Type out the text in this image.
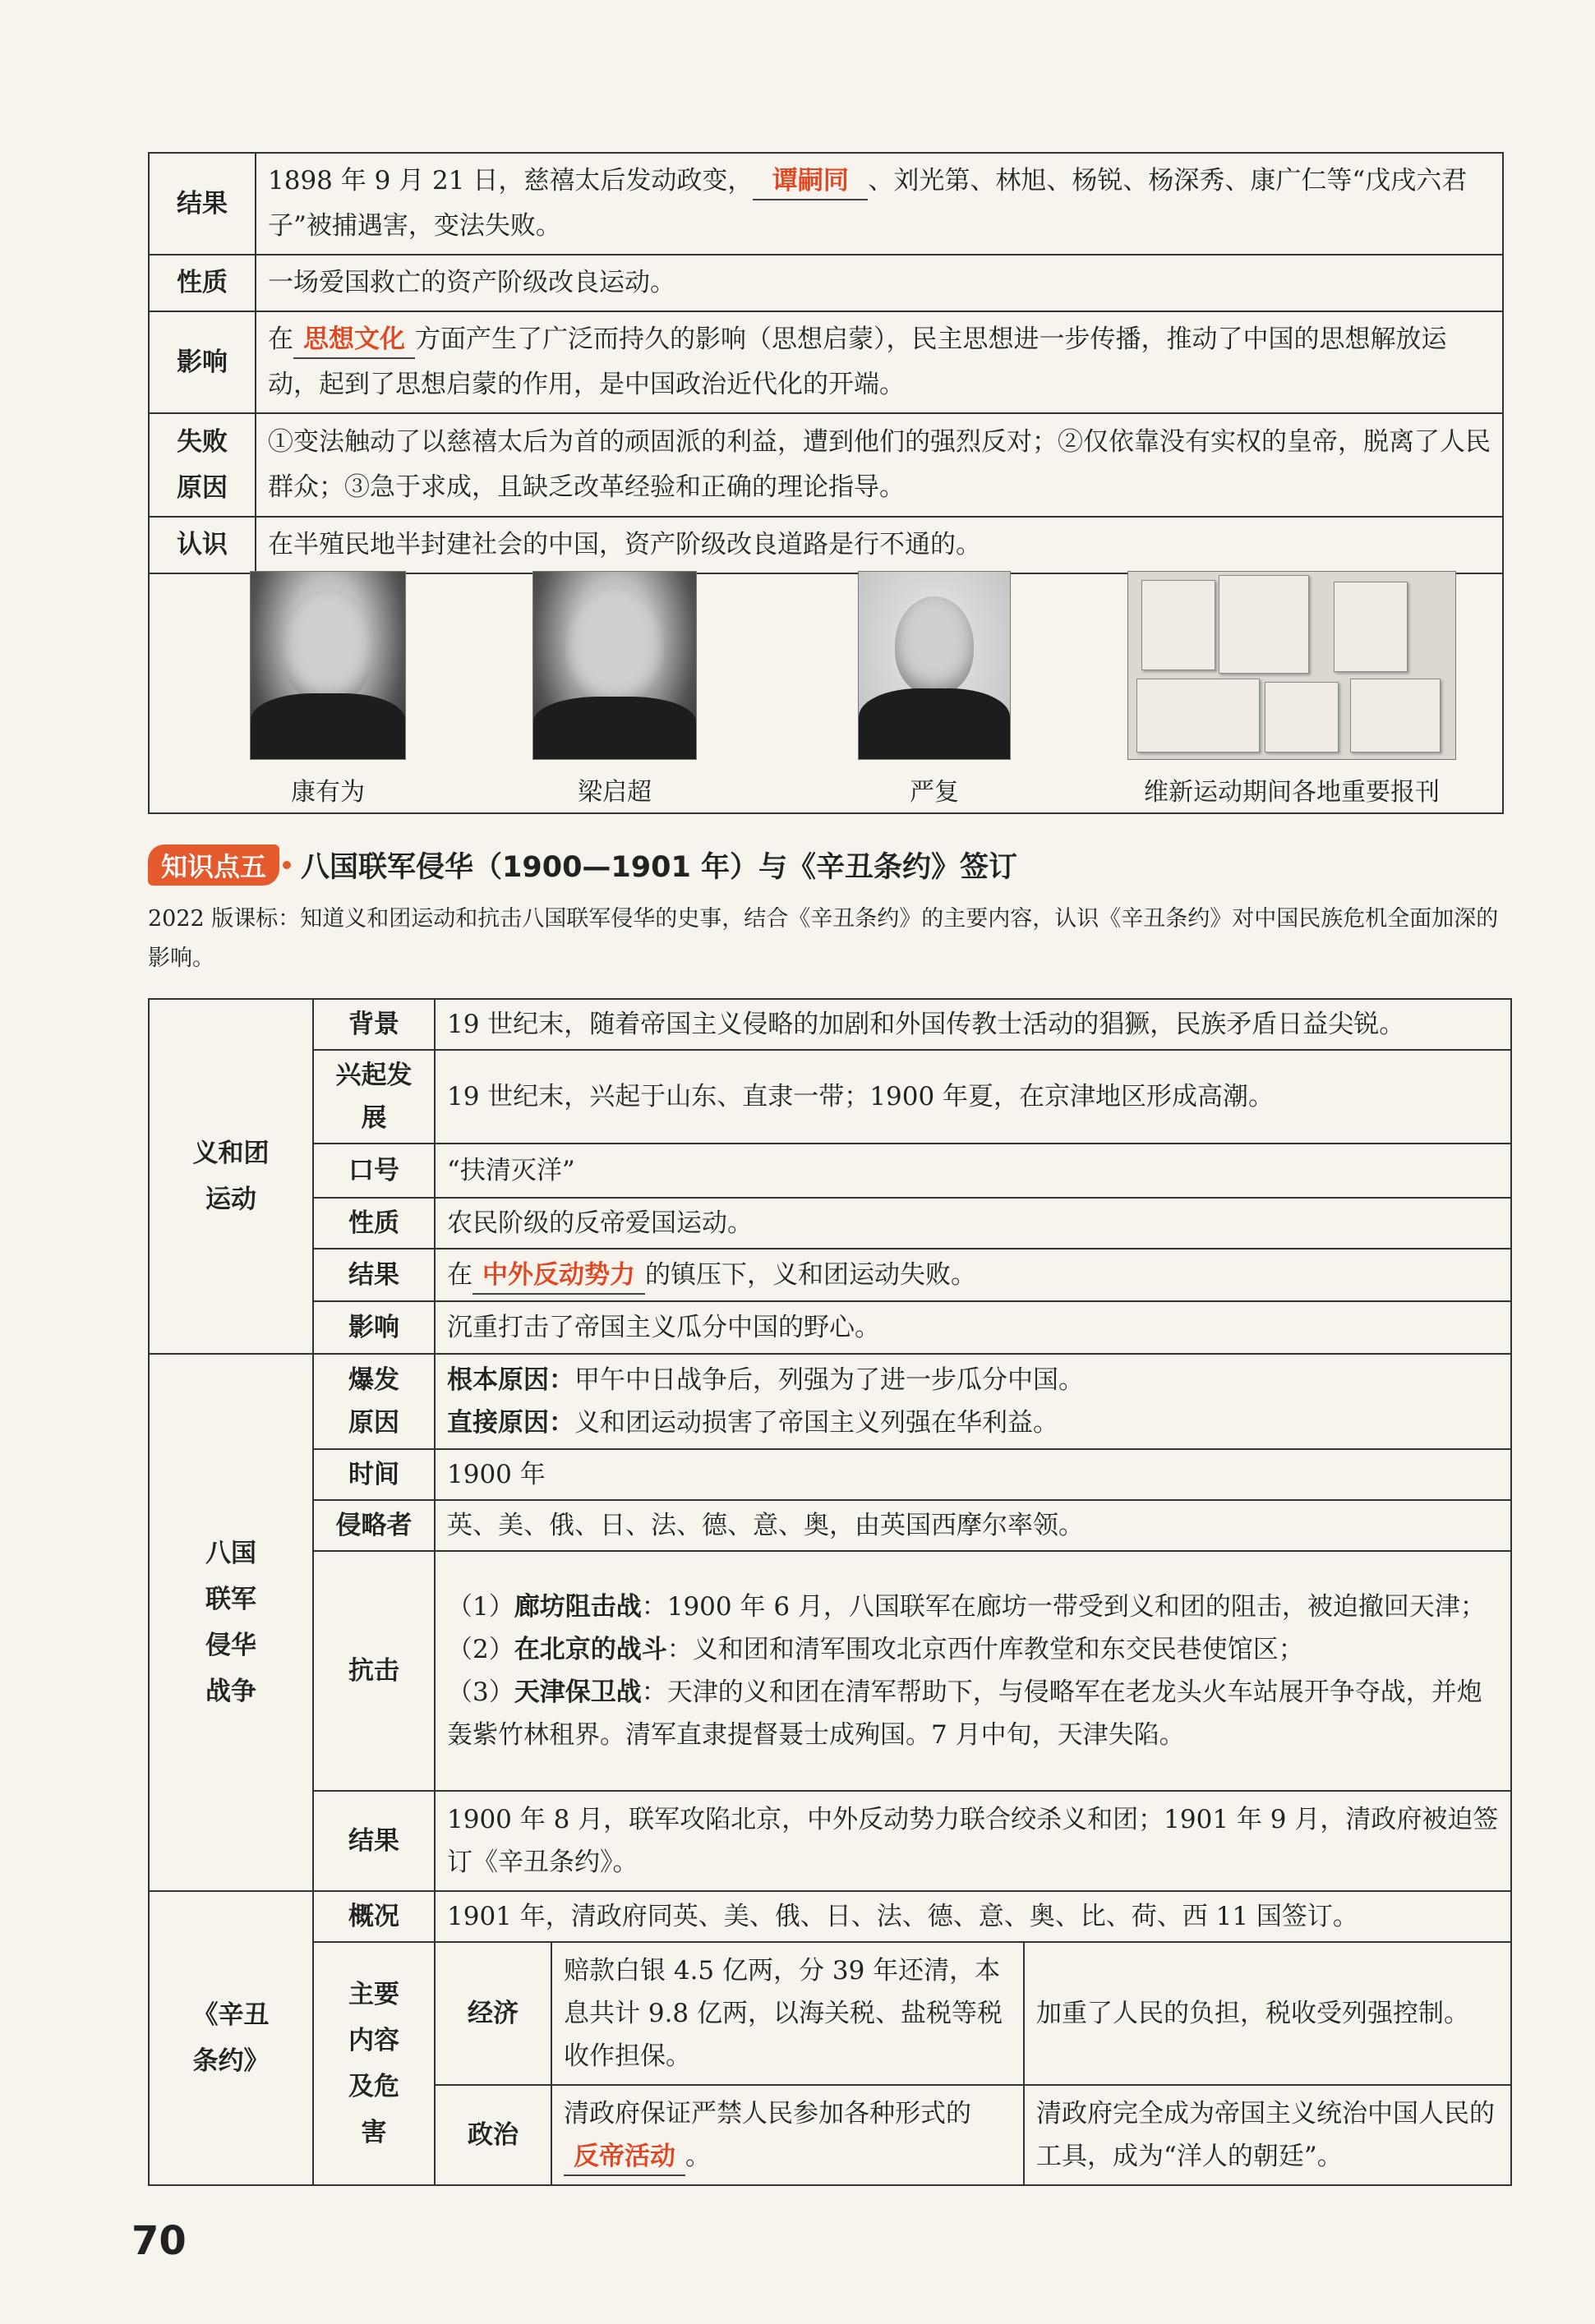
结果	1898 年 9 月 21 日，慈禧太后发动政变， 谭嗣同 、刘光第、林旭、杨锐、杨深秀、康广仁等“戊戌六君子”被捕遇害，变法失败。
性质	一场爱国救亡的资产阶级改良运动。
影响	在 思想文化 方面产生了广泛而持久的影响（思想启蒙），民主思想进一步传播，推动了中国的思想解放运动，起到了思想启蒙的作用，是中国政治近代化的开端。
失败原因	①变法触动了以慈禧太后为首的顽固派的利益，遭到他们的强烈反对；②仅依靠没有实权的皇帝，脱离了人民群众；③急于求成，且缺乏改革经验和正确的理论指导。
认识	在半殖民地半封建社会的中国，资产阶级改良道路是行不通的。
康有为	梁启超	严复	维新运动期间各地重要报刊
知识点五	八国联军侵华（1900—1901 年）与《辛丑条约》签订
2022 版课标：知道义和团运动和抗击八国联军侵华的史事，结合《辛丑条约》的主要内容，认识《辛丑条约》对中国民族危机全面加深的影响。
义和团运动	背景	19 世纪末，随着帝国主义侵略的加剧和外国传教士活动的猖獗，民族矛盾日益尖锐。		
	兴起发展	19 世纪末，兴起于山东、直隶一带；1900 年夏，在京津地区形成高潮。		
	口号	“扶清灭洋”		
	性质	农民阶级的反帝爱国运动。		
	结果	在 中外反动势力 的镇压下，义和团运动失败。		
	影响	沉重打击了帝国主义瓜分中国的野心。		
八国联军侵华战争	爆发原因	根本原因：甲午中日战争后，列强为了进一步瓜分中国。
直接原因：义和团运动损害了帝国主义列强在华利益。		

	时间	1900 年		
	侵略者	英、美、俄、日、法、德、意、奥，由英国西摩尔率领。		
	抗击	（1）廊坊阻击战：1900 年 6 月，八国联军在廊坊一带受到义和团的阻击，被迫撤回天津；
（2）在北京的战斗：义和团和清军围攻北京西什库教堂和东交民巷使馆区；
（3）天津保卫战：天津的义和团在清军帮助下，与侵略军在老龙头火车站展开争夺战，并炮轰紫竹林租界。清军直隶提督聂士成殉国。7 月中旬，天津失陷。		

	结果	1900 年 8 月，联军攻陷北京，中外反动势力联合绞杀义和团；1901 年 9 月，清政府被迫签订《辛丑条约》。		
《辛丑条约》	概况	1901 年，清政府同英、美、俄、日、法、德、意、奥、比、荷、西 11 国签订。		
	主要内容及危害	经济	赔款白银 4.5 亿两，分 39 年还清，本息共计 9.8 亿两，以海关税、盐税等税收作担保。	加重了人民的负担，税收受列强控制。
		政治	清政府保证严禁人民参加各种形式的反帝活动 。	清政府完全成为帝国主义统治中国人民的工具，成为“洋人的朝廷”。
70
